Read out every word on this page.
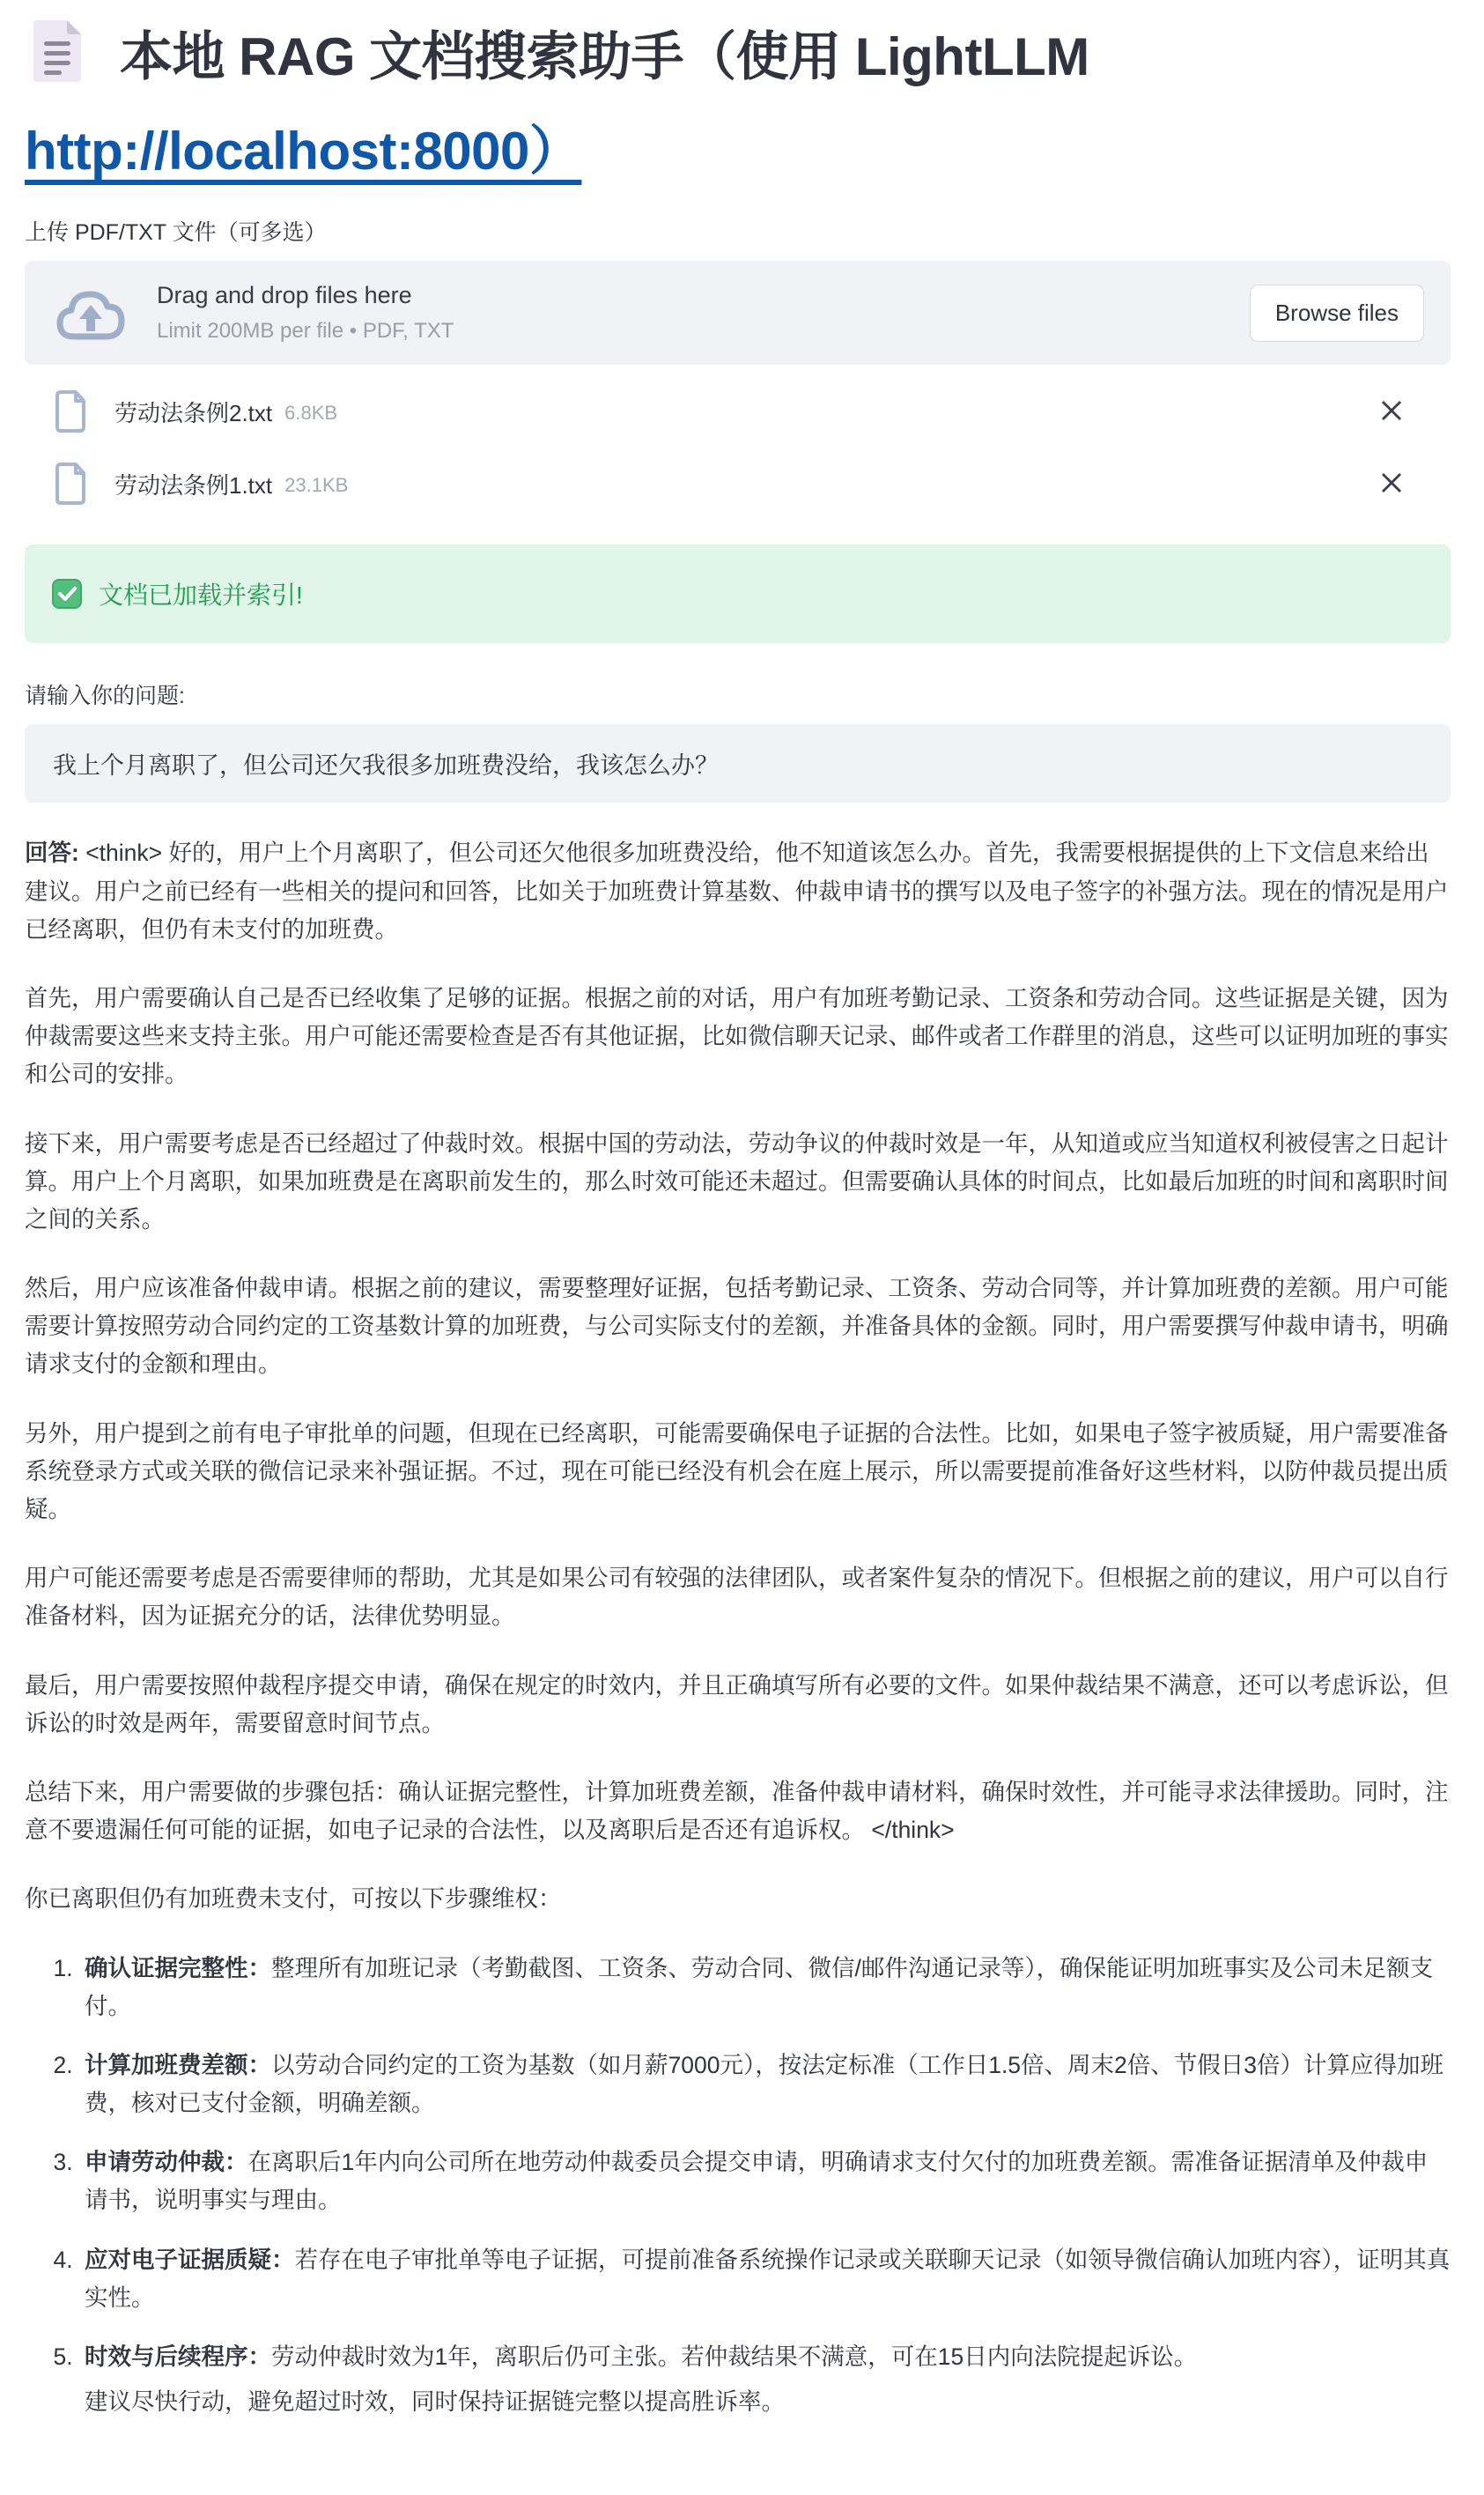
本地 RAG 文档搜索助手（使用 LightLLM http://localhost:8000）
上传 PDF/TXT 文件（可多选）
Drag and drop files here
Limit 200MB per file • PDF, TXT
Browse files
劳动法条例2.txt 6.8KB
劳动法条例1.txt 23.1KB
文档已加载并索引!
请输入你的问题:
我上个月离职了，但公司还欠我很多加班费没给，我该怎么办？

回答: <think> 好的，用户上个月离职了，但公司还欠他很多加班费没给，他不知道该怎么办。首先，我需要根据提供的上下文信息来给出建议。用户之前已经有一些相关的提问和回答，比如关于加班费计算基数、仲裁申请书的撰写以及电子签字的补强方法。现在的情况是用户已经离职，但仍有未支付的加班费。

首先，用户需要确认自己是否已经收集了足够的证据。根据之前的对话，用户有加班考勤记录、工资条和劳动合同。这些证据是关键，因为仲裁需要这些来支持主张。用户可能还需要检查是否有其他证据，比如微信聊天记录、邮件或者工作群里的消息，这些可以证明加班的事实和公司的安排。

接下来，用户需要考虑是否已经超过了仲裁时效。根据中国的劳动法，劳动争议的仲裁时效是一年，从知道或应当知道权利被侵害之日起计算。用户上个月离职，如果加班费是在离职前发生的，那么时效可能还未超过。但需要确认具体的时间点，比如最后加班的时间和离职时间之间的关系。

然后，用户应该准备仲裁申请。根据之前的建议，需要整理好证据，包括考勤记录、工资条、劳动合同等，并计算加班费的差额。用户可能需要计算按照劳动合同约定的工资基数计算的加班费，与公司实际支付的差额，并准备具体的金额。同时，用户需要撰写仲裁申请书，明确请求支付的金额和理由。

另外，用户提到之前有电子审批单的问题，但现在已经离职，可能需要确保电子证据的合法性。比如，如果电子签字被质疑，用户需要准备系统登录方式或关联的微信记录来补强证据。不过，现在可能已经没有机会在庭上展示，所以需要提前准备好这些材料，以防仲裁员提出质疑。

用户可能还需要考虑是否需要律师的帮助，尤其是如果公司有较强的法律团队，或者案件复杂的情况下。但根据之前的建议，用户可以自行准备材料，因为证据充分的话，法律优势明显。

最后，用户需要按照仲裁程序提交申请，确保在规定的时效内，并且正确填写所有必要的文件。如果仲裁结果不满意，还可以考虑诉讼，但诉讼的时效是两年，需要留意时间节点。

总结下来，用户需要做的步骤包括：确认证据完整性，计算加班费差额，准备仲裁申请材料，确保时效性，并可能寻求法律援助。同时，注意不要遗漏任何可能的证据，如电子记录的合法性，以及离职后是否还有追诉权。 </think>

你已离职但仍有加班费未支付，可按以下步骤维权：

1. 确认证据完整性：整理所有加班记录（考勤截图、工资条、劳动合同、微信/邮件沟通记录等），确保能证明加班事实及公司未足额支付。
2. 计算加班费差额：以劳动合同约定的工资为基数（如月薪7000元），按法定标准（工作日1.5倍、周末2倍、节假日3倍）计算应得加班费，核对已支付金额，明确差额。
3. 申请劳动仲裁：在离职后1年内向公司所在地劳动仲裁委员会提交申请，明确请求支付欠付的加班费差额。需准备证据清单及仲裁申请书，说明事实与理由。
4. 应对电子证据质疑：若存在电子审批单等电子证据，可提前准备系统操作记录或关联聊天记录（如领导微信确认加班内容），证明其真实性。
5. 时效与后续程序：劳动仲裁时效为1年，离职后仍可主张。若仲裁结果不满意，可在15日内向法院提起诉讼。
建议尽快行动，避免超过时效，同时保持证据链完整以提高胜诉率。
